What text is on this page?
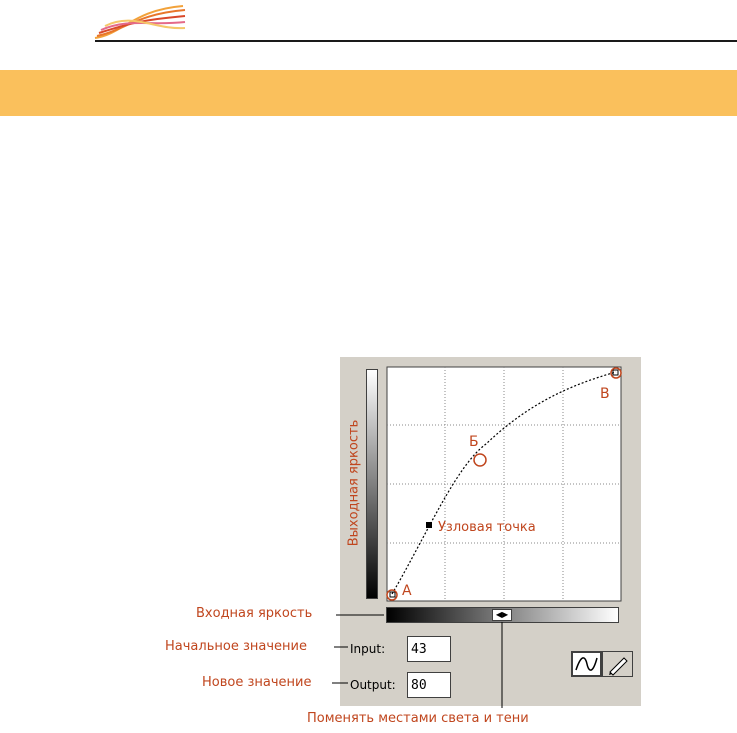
Выходная яркость
A
Б
В
Узловая точка
◀▶
Input:	43
Output:	80
Входная яркость
Начальное значение
Новое значение
Поменять местами света и тени
